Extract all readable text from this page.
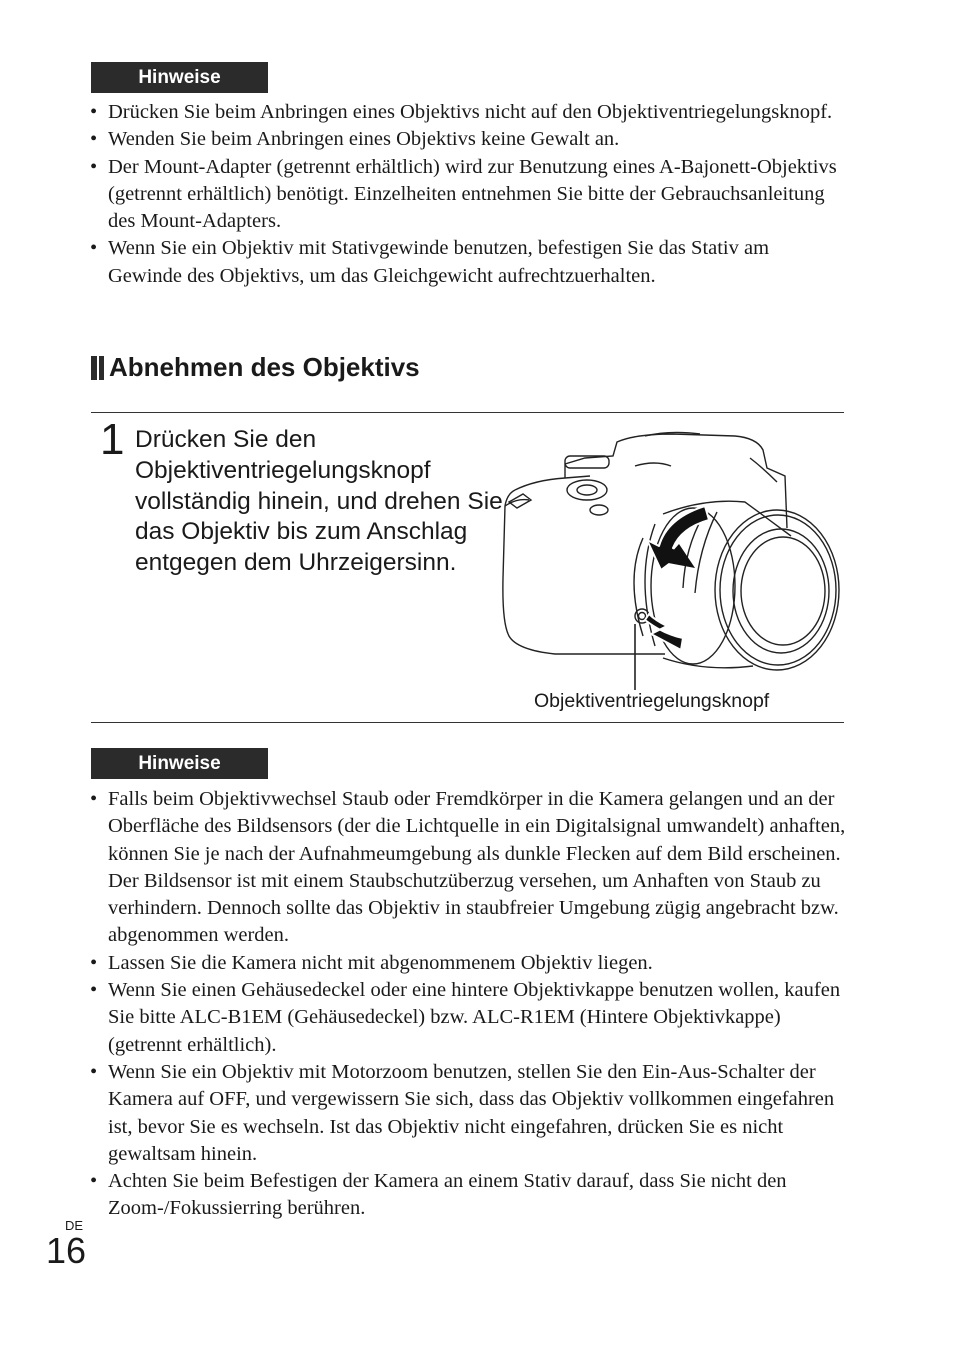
Hinweise
• Drücken Sie beim Anbringen eines Objektivs nicht auf den Objektiventriegelungsknopf.
• Wenden Sie beim Anbringen eines Objektivs keine Gewalt an.
• Der Mount-Adapter (getrennt erhältlich) wird zur Benutzung eines A-Bajonett-Objektivs (getrennt erhältlich) benötigt. Einzelheiten entnehmen Sie bitte der Gebrauchsanleitung des Mount-Adapters.
• Wenn Sie ein Objektiv mit Stativgewinde benutzen, befestigen Sie das Stativ am Gewinde des Objektivs, um das Gleichgewicht aufrechtzuerhalten.
Abnehmen des Objektivs
1 Drücken Sie den Objektiventriegelungsknopf vollständig hinein, und drehen Sie das Objektiv bis zum Anschlag entgegen dem Uhrzeigersinn.
Objektiventriegelungsknopf
Hinweise
• Falls beim Objektivwechsel Staub oder Fremdkörper in die Kamera gelangen und an der Oberfläche des Bildsensors (der die Lichtquelle in ein Digitalsignal umwandelt) anhaften, können Sie je nach der Aufnahmeumgebung als dunkle Flecken auf dem Bild erscheinen. Der Bildsensor ist mit einem Staubschutzüberzug versehen, um Anhaften von Staub zu verhindern. Dennoch sollte das Objektiv in staubfreier Umgebung zügig angebracht bzw. abgenommen werden.
• Lassen Sie die Kamera nicht mit abgenommenem Objektiv liegen.
• Wenn Sie einen Gehäusedeckel oder eine hintere Objektivkappe benutzen wollen, kaufen Sie bitte ALC-B1EM (Gehäusedeckel) bzw. ALC-R1EM (Hintere Objektivkappe) (getrennt erhältlich).
• Wenn Sie ein Objektiv mit Motorzoom benutzen, stellen Sie den Ein-Aus-Schalter der Kamera auf OFF, und vergewissern Sie sich, dass das Objektiv vollkommen eingefahren ist, bevor Sie es wechseln. Ist das Objektiv nicht eingefahren, drücken Sie es nicht gewaltsam hinein.
• Achten Sie beim Befestigen der Kamera an einem Stativ darauf, dass Sie nicht den Zoom-/Fokussierring berühren.
DE
16
